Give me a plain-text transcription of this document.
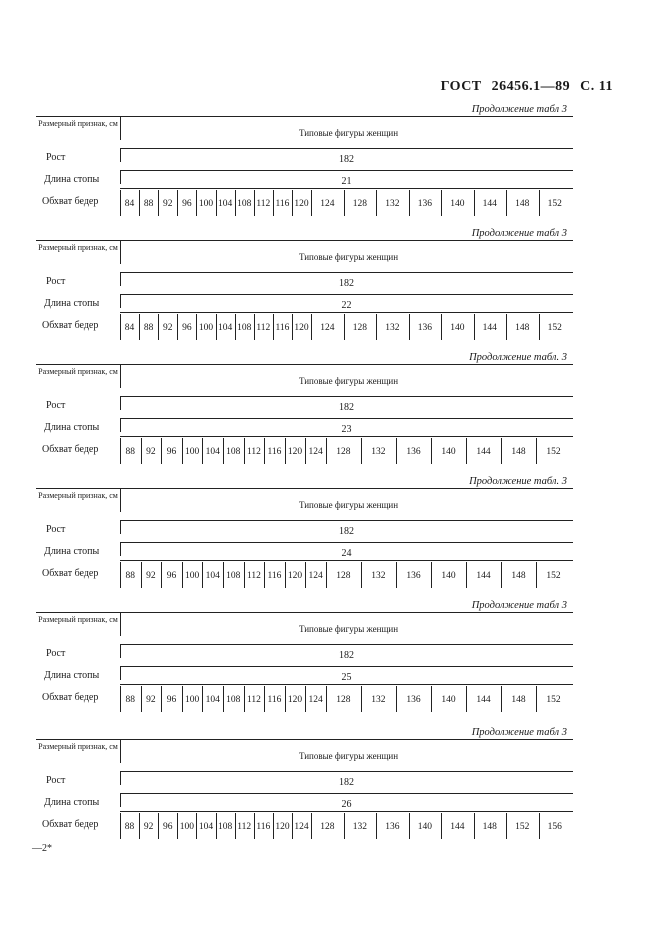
ГОСТ 26456.1—89 С. 11
Продолжение табл 3
Размерный признак, см
Типовые фигуры женщин
Рост	182
Длина стопы	21
Обхват бедер	84	88	92	96 100 104 108 112 116 120	124	128	132	136	140	144	148	152
Продолжение табл 3
Размерный признак, см
Типовые фигуры женщин
Рост	182
Длина стопы	22
Обхват бедер	84	88	92	96 100 104 108 112 116 120	124	128	132	136	140	144	148	152
Продолжение табл. 3
Размерный признак, см
Типовые фигуры женщин
Рост	182
Длина стопы	23
Обхват бедер	88	92	96 100 104 108 112 116 120 124	128	132	136	140	144	148	152
Продолжение табл. 3
Размерный признак, см
Типовые фигуры женщин
Рост	182
Длина стопы	24
Обхват бедер	88	92	96 100 104 108 112 116 120 124	128	132	136	140	144	148	152
Продолжение табл 3
Размерный признак, см
Типовые фигуры женщин
Рост	182
Длина стопы	25
Обхват бедер	88	92	96 100 104 108 112 116 120 124	128	132	136	140	144	148	152
Продолжение табл 3
Размерный признак, см
Типовые фигуры женщин
Рост	182
Длина стопы	26
Обхват бедер	88	92	96 100 104 108 112 116 120 124	128	132	136	140	144	148	152	156
—2*
